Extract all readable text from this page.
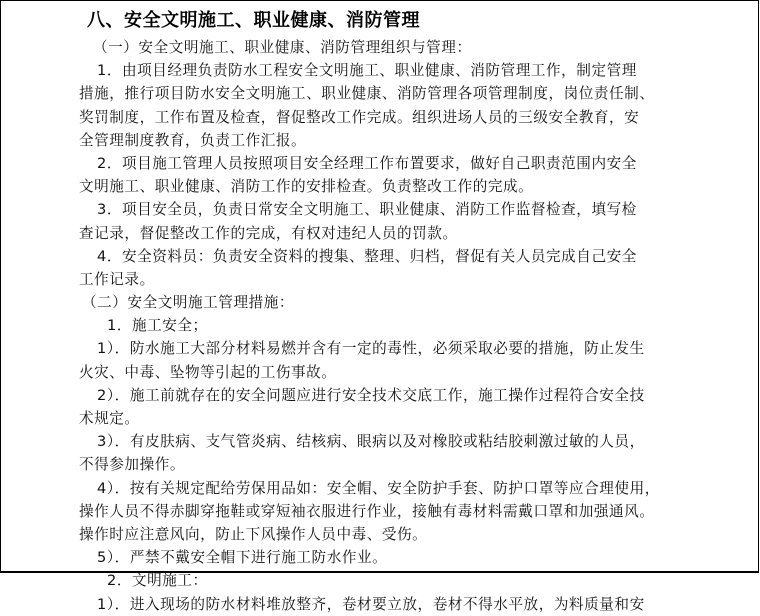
八、安全文明施工、职业健康、消防管理
（一）安全文明施工、职业健康、消防管理组织与管理：
1．由项目经理负责防水工程安全文明施工、职业健康、消防管理工作，制定管理
措施，推行项目防水安全文明施工、职业健康、消防管理各项管理制度，岗位责任制、
奖罚制度，工作布置及检查，督促整改工作完成。组织进场人员的三级安全教育，安
全管理制度教育，负责工作汇报。
2．项目施工管理人员按照项目安全经理工作布置要求，做好自己职责范围内安全
文明施工、职业健康、消防工作的安排检查。负责整改工作的完成。
3．项目安全员，负责日常安全文明施工、职业健康、消防工作监督检查，填写检
查记录，督促整改工作的完成，有权对违纪人员的罚款。
4．安全资料员：负责安全资料的搜集、整理、归档，督促有关人员完成自己安全
工作记录。
（二）安全文明施工管理措施：
1．施工安全；
1）．防水施工大部分材料易燃并含有一定的毒性，必须采取必要的措施，防止发生
火灾、中毒、坠物等引起的工伤事故。
2）．施工前就存在的安全问题应进行安全技术交底工作，施工操作过程符合安全技
术规定。
3）．有皮肤病、支气管炎病、结核病、眼病以及对橡胶或粘结胶刺激过敏的人员，
不得参加操作。
4）．按有关规定配给劳保用品如：安全帽、安全防护手套、防护口罩等应合理使用，
操作人员不得赤脚穿拖鞋或穿短袖衣服进行作业，接触有毒材料需戴口罩和加强通风。
操作时应注意风向，防止下风操作人员中毒、受伤。
5）．严禁不戴安全帽下进行施工防水作业。
2．文明施工：
1）．进入现场的防水材料堆放整齐，卷材要立放，卷材不得水平放，为料质量和安
